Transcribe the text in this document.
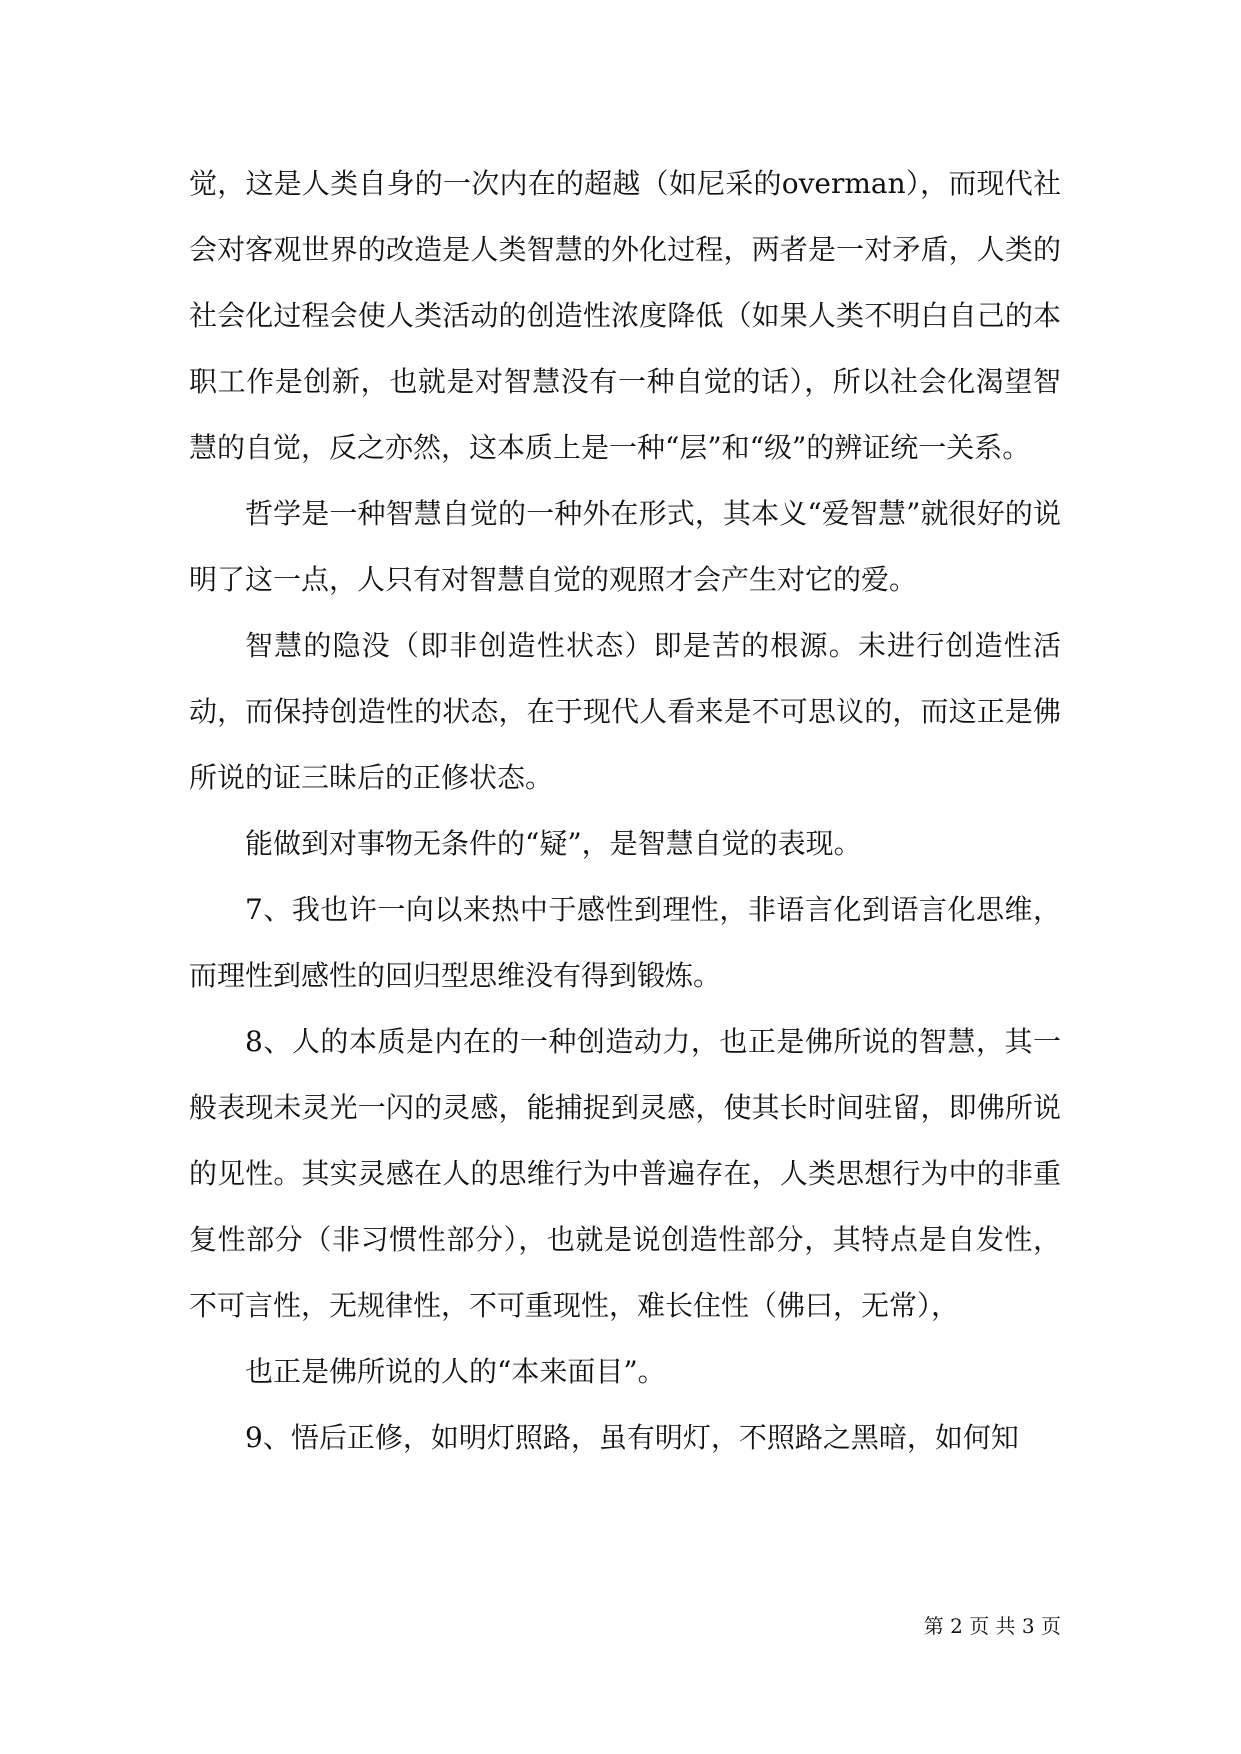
觉，这是人类自身的一次内在的超越（如尼采的overman），而现代社会对客观世界的改造是人类智慧的外化过程，两者是一对矛盾，人类的社会化过程会使人类活动的创造性浓度降低（如果人类不明白自己的本职工作是创新，也就是对智慧没有一种自觉的话），所以社会化渴望智慧的自觉，反之亦然，这本质上是一种“层”和“级”的辨证统一关系。

哲学是一种智慧自觉的一种外在形式，其本义“爱智慧”就很好的说明了这一点，人只有对智慧自觉的观照才会产生对它的爱。

智慧的隐没（即非创造性状态）即是苦的根源。未进行创造性活动，而保持创造性的状态，在于现代人看来是不可思议的，而这正是佛所说的证三昧后的正修状态。

能做到对事物无条件的“疑”，是智慧自觉的表现。

7、我也许一向以来热中于感性到理性，非语言化到语言化思维，而理性到感性的回归型思维没有得到锻炼。

8、人的本质是内在的一种创造动力，也正是佛所说的智慧，其一般表现未灵光一闪的灵感，能捕捉到灵感，使其长时间驻留，即佛所说的见性。其实灵感在人的思维行为中普遍存在，人类思想行为中的非重复性部分（非习惯性部分），也就是说创造性部分，其特点是自发性，不可言性，无规律性，不可重现性，难长住性（佛曰，无常），

也正是佛所说的人的“本来面目”。

9、悟后正修，如明灯照路，虽有明灯，不照路之黑暗，如何知

第 2 页 共 3 页
